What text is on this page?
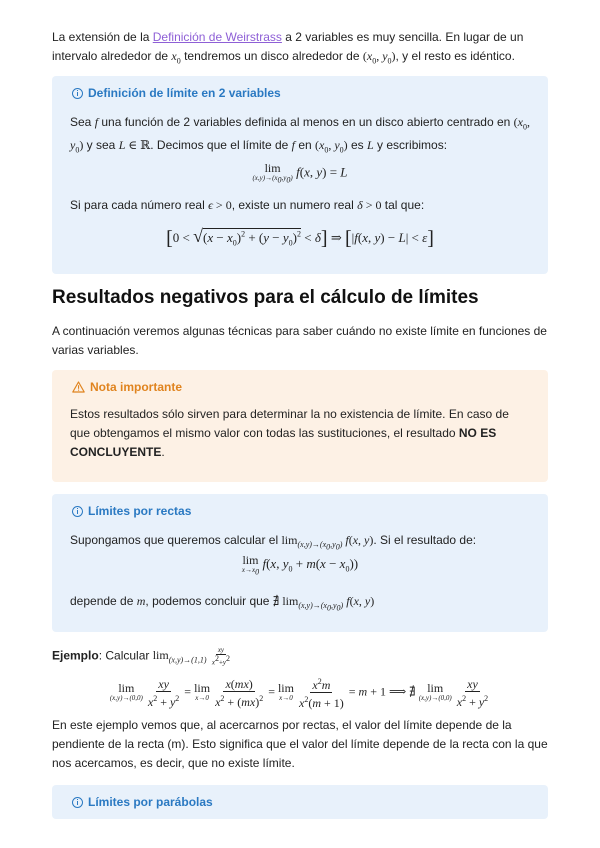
La extensión de la Definición de Weirstrass a 2 variables es muy sencilla. En lugar de un intervalo alrededor de $x_0$ tendremos un disco alrededor de ($x_0$, $y_0$), y el resto es idéntico.

Definición de límite en 2 variables

Sea f una función de 2 variables definida al menos en un disco abierto centrado en ($x_0$, $y_0$) y sea L ∈ ℝ. Decimos que el límite de f en ($x_0$, $y_0$) es L y escribimos:

lim
$(x,y)\to(x_0,y_0)$ f(x, y) = L

Si para cada número real ϵ > 0, existe un numero real δ > 0 tal que:

$[0 < √(x - x_0)^2 + (y - y_0)^2 < \delta]$ ⇒ [|f(x, y) − L| < ε]
Resultados negativos para el cálculo de límites

A continuación veremos algunas técnicas para saber cuándo no existe límite en funciones de varias variables.

Nota importante

Estos resultados sólo sirven para determinar la no existencia de límite. En caso de que obtengamos el mismo valor con todas las sustituciones, el resultado NO ES CONCLUYENTE.

Límites por rectas

Supongamos que queremos calcular el $\lim_{(x,y)\to(x_0,y_0)} f(x$, y). Si el resultado de:

lim
$x\to x_0$
f(x, $y_0 + m(x - x_0)$)

depende de m, podemos concluir que ∄ $\lim_{(x,y)\to(x_0,y_0)} f(x$, y)

Ejemplo: Calcular $\lim_{(x,y)\to(1,1)} \frac{xy}{x^2+y^2}$

lim
(x,y)→(0,0)
$\frac{xy}{x^2 + y^2} = \lim$
x→0
$\frac{x(mx)}{x^2 + (mx)^2} = \lim$
x→0
$\frac{x^2m}{x^2(m + 1)} = m + 1$ ⟹ ∄ lim
(x,y)→(0,0)
$\frac{xy}{x^2 + y^2}$

En este ejemplo vemos que, al acercarnos por rectas, el valor del límite depende de la pendiente de la recta (m). Esto significa que el valor del límite depende de la recta con la que nos acercamos, es decir, que no existe límite.

Límites por parábolas
